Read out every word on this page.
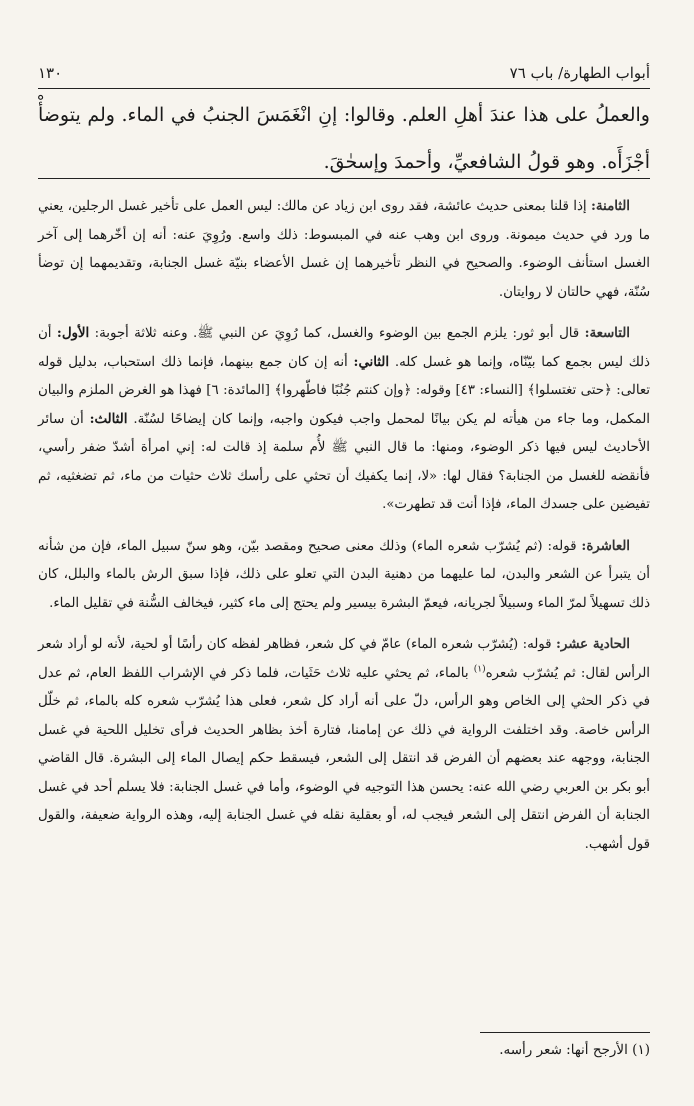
أبواب الطهارة/ باب ٧٦
١٣٠
والعملُ على هذا عندَ أهلِ العلم. وقالوا: إنِ انْغَمَسَ الجنبُ في الماء. ولم يتوضأْ أجْزَأَه. وهو قولُ الشافعيِّ، وأحمدَ وإسحٰقَ.

الثامنة: إذا قلنا بمعنى حديث عائشة، فقد روى ابن زياد عن مالك: ليس العمل على تأخير غسل الرجلين، يعني ما ورد في حديث ميمونة. وروى ابن وهب عنه في المبسوط: ذلك واسع. ورُوِيَ عنه: أنه إن أخّرهما إلى آخر الغسل استأنف الوضوء. والصحيح في النظر تأخيرهما إن غسل الأعضاء بنيّة غسل الجنابة، وتقديمهما إن توضأ سُنّة، فهي حالتان لا روايتان.

التاسعة: قال أبو ثور: يلزم الجمع بين الوضوء والغسل، كما رُوِيَ عن النبي ﷺ. وعنه ثلاثة أجوبة: الأول: أن ذلك ليس بجمع كما بيّنّاه، وإنما هو غسل كله. الثاني: أنه إن كان جمع بينهما، فإنما ذلك استحباب، بدليل قوله تعالى: ﴿حتى تغتسلوا﴾ [النساء: ٤٣] وقوله: ﴿وإن كنتم جُنُبًا فاطّهروا﴾ [المائدة: ٦] فهذا هو الغرض الملزم والبيان المكمل، وما جاء من هيأته لم يكن بيانًا لمحمل واجب فيكون واجبه، وإنما كان إيضاحًا لسُنّة. الثالث: أن سائر الأحاديث ليس فيها ذكر الوضوء، ومنها: ما قال النبي ﷺ لأُم سلمة إذ قالت له: إني امرأة أشدّ ضفر رأسي، فأنقضه للغسل من الجنابة؟ فقال لها: «لا، إنما يكفيك أن تحثي على رأسك ثلاث حثيات من ماء، ثم تضغثيه، ثم تفيضين على جسدك الماء، فإذا أنت قد تطهرت».

العاشرة: قوله: (ثم يُشرّب شعره الماء) وذلك معنى صحيح ومقصد بيّن، وهو سنّ سبيل الماء، فإن من شأنه أن يتبرأ عن الشعر والبدن، لما عليهما من دهنية البدن التي تعلو على ذلك، فإذا سبق الرش بالماء والبلل، كان ذلك تسهيلاً لمرّ الماء وسبيلاً لجريانه، فيعمّ البشرة بيسير ولم يحتج إلى ماء كثير، فيخالف السُّنة في تقليل الماء.

الحادية عشر: قوله: (يُشرّب شعره الماء) عامّ في كل شعر، فظاهر لفظه كان رأسًا أو لحية، لأنه لو أراد شعر الرأس لقال: ثم يُشرّب شعره$^{(١)}$ بالماء، ثم يحثي عليه ثلاث حَثَيات، فلما ذكر في الإشراب اللفظ العام، ثم عدل في ذكر الحثي إلى الخاص وهو الرأس، دلّ على أنه أراد كل شعر، فعلى هذا يُشرّب شعره كله بالماء، ثم خلّل الرأس خاصة. وقد اختلفت الرواية في ذلك عن إمامنا، فتارة أخذ بظاهر الحديث فرأى تخليل اللحية في غسل الجنابة، ووجهه عند بعضهم أن الفرض قد انتقل إلى الشعر، فيسقط حكم إيصال الماء إلى البشرة. قال القاضي أبو بكر بن العربي رضي الله عنه: يحسن هذا التوجيه في الوضوء، وأما في غسل الجنابة: فلا يسلم أحد في غسل الجنابة أن الفرض انتقل إلى الشعر فيجب له، أو بعقلية نقله في غسل الجنابة إليه، وهذه الرواية ضعيفة، والقول قول أشهب.

(١) الأرجح أنها: شعر رأسه.
